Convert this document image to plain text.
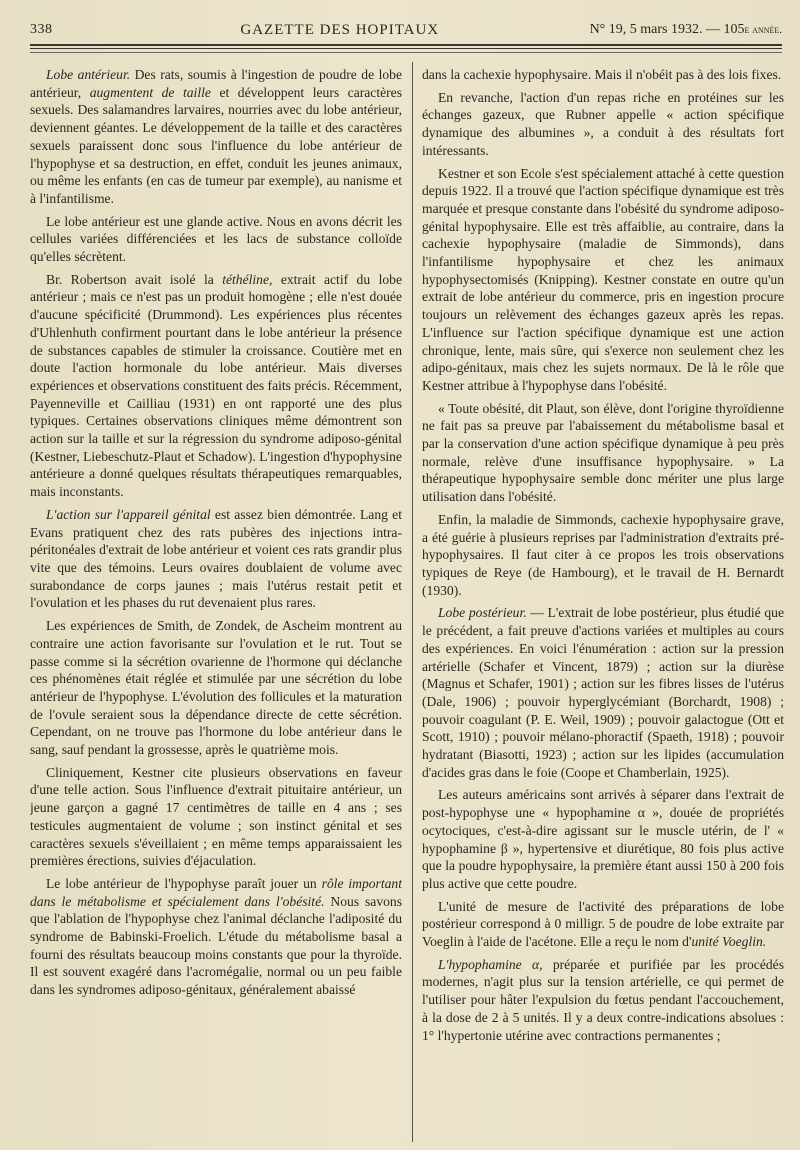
338	GAZETTE DES HOPITAUX	N° 19, 5 mars 1932. — 105e année.

Lobe antérieur. Des rats, soumis à l'ingestion de poudre de lobe antérieur, augmentent de taille et développent leurs caractères sexuels. Des salamandres larvaires, nourries avec du lobe antérieur, deviennent géantes. Le développement de la taille et des caractères sexuels paraissent donc sous l'influence du lobe antérieur de l'hypophyse et sa destruction, en effet, conduit les jeunes animaux, ou même les enfants (en cas de tumeur par exemple), au nanisme et à l'infantilisme.

Le lobe antérieur est une glande active. Nous en avons décrit les cellules variées différenciées et les lacs de substance colloïde qu'elles sécrètent.

Br. Robertson avait isolé la téthéline, extrait actif du lobe antérieur ; mais ce n'est pas un produit homogène ; elle n'est douée d'aucune spécificité (Drummond). Les expériences plus récentes d'Uhlenhuth confirment pourtant dans le lobe antérieur la présence de substances capables de stimuler la croissance. Coutière met en doute l'action hormonale du lobe antérieur. Mais diverses expériences et observations constituent des faits précis. Récemment, Payenneville et Cailliau (1931) en ont rapporté une des plus typiques. Certaines observations cliniques même démontrent son action sur la taille et sur la régression du syndrome adiposo-génital (Kestner, Liebeschutz-Plaut et Schadow). L'ingestion d'hypophysine antérieure a donné quelques résultats thérapeutiques remarquables, mais inconstants.

L'action sur l'appareil génital est assez bien démontrée. Lang et Evans pratiquent chez des rats pubères des injections intra-péritonéales d'extrait de lobe antérieur et voient ces rats grandir plus vite que des témoins. Leurs ovaires doublaient de volume avec surabondance de corps jaunes ; mais l'utérus restait petit et l'ovulation et les phases du rut devenaient plus rares.

Les expériences de Smith, de Zondek, de Ascheim montrent au contraire une action favorisante sur l'ovulation et le rut. Tout se passe comme si la sécrétion ovarienne de l'hormone qui déclanche ces phénomènes était réglée et stimulée par une sécrétion du lobe antérieur de l'hypophyse. L'évolution des follicules et la maturation de l'ovule seraient sous la dépendance directe de cette sécrétion. Cependant, on ne trouve pas l'hormone du lobe antérieur dans le sang, sauf pendant la grossesse, après le quatrième mois.

Cliniquement, Kestner cite plusieurs observations en faveur d'une telle action. Sous l'influence d'extrait pituitaire antérieur, un jeune garçon a gagné 17 centimètres de taille en 4 ans ; ses testicules augmentaient de volume ; son instinct génital et ses caractères sexuels s'éveillaient ; en même temps apparaissaient les premières érections, suivies d'éjaculation.

Le lobe antérieur de l'hypophyse paraît jouer un rôle important dans le métabolisme et spécialement dans l'obésité. Nous savons que l'ablation de l'hypophyse chez l'animal déclanche l'adiposité du syndrome de Babinski-Froelich. L'étude du métabolisme basal a fourni des résultats beaucoup moins constants que pour la thyroïde. Il est souvent exagéré dans l'acromégalie, normal ou un peu faible dans les syndromes adiposo-génitaux, généralement abaissé

dans la cachexie hypophysaire. Mais il n'obéit pas à des lois fixes.

En revanche, l'action d'un repas riche en protéines sur les échanges gazeux, que Rubner appelle « action spécifique dynamique des albumines », a conduit à des résultats fort intéressants.

Kestner et son Ecole s'est spécialement attaché à cette question depuis 1922. Il a trouvé que l'action spécifique dynamique est très marquée et presque constante dans l'obésité du syndrome adiposo-génital hypophysaire. Elle est très affaiblie, au contraire, dans la cachexie hypophysaire (maladie de Simmonds), dans l'infantilisme hypophysaire et chez les animaux hypophysectomisés (Knipping). Kestner constate en outre qu'un extrait de lobe antérieur du commerce, pris en ingestion procure toujours un relèvement des échanges gazeux après les repas. L'influence sur l'action spécifique dynamique est une action chronique, lente, mais sûre, qui s'exerce non seulement chez les adipo-génitaux, mais chez les sujets normaux. De là le rôle que Kestner attribue à l'hypophyse dans l'obésité.

« Toute obésité, dit Plaut, son élève, dont l'origine thyroïdienne ne fait pas sa preuve par l'abaissement du métabolisme basal et par la conservation d'une action spécifique dynamique à peu près normale, relève d'une insuffisance hypophysaire. » La thérapeutique hypophysaire semble donc mériter une plus large utilisation dans l'obésité.

Enfin, la maladie de Simmonds, cachexie hypophysaire grave, a été guérie à plusieurs reprises par l'administration d'extraits pré-hypophysaires. Il faut citer à ce propos les trois observations typiques de Reye (de Hambourg), et le travail de H. Bernardt (1930).

Lobe postérieur. — L'extrait de lobe postérieur, plus étudié que le précédent, a fait preuve d'actions variées et multiples au cours des expériences. En voici l'énumération : action sur la pression artérielle (Schafer et Vincent, 1879) ; action sur la diurèse (Magnus et Schafer, 1901) ; action sur les fibres lisses de l'utérus (Dale, 1906) ; pouvoir hyperglycémiant (Borchardt, 1908) ; pouvoir coagulant (P. E. Weil, 1909) ; pouvoir galactogue (Ott et Scott, 1910) ; pouvoir mélano-phoractif (Spaeth, 1918) ; pouvoir hydratant (Biasotti, 1923) ; action sur les lipides (accumulation d'acides gras dans le foie (Coope et Chamberlain, 1925).

Les auteurs américains sont arrivés à séparer dans l'extrait de post-hypophyse une « hypophamine α », douée de propriétés ocytociques, c'est-à-dire agissant sur le muscle utérin, de l' « hypophamine β », hypertensive et diurétique, 80 fois plus active que la poudre hypophysaire, la première étant aussi 150 à 200 fois plus active que cette poudre.

L'unité de mesure de l'activité des préparations de lobe postérieur correspond à 0 milligr. 5 de poudre de lobe extraite par Voeglin à l'aide de l'acétone. Elle a reçu le nom d'unité Voeglin.

L'hypophamine α, préparée et purifiée par les procédés modernes, n'agit plus sur la tension artérielle, ce qui permet de l'utiliser pour hâter l'expulsion du fœtus pendant l'accouchement, à la dose de 2 à 5 unités. Il y a deux contre-indications absolues : 1° l'hypertonie utérine avec contractions permanentes ;
